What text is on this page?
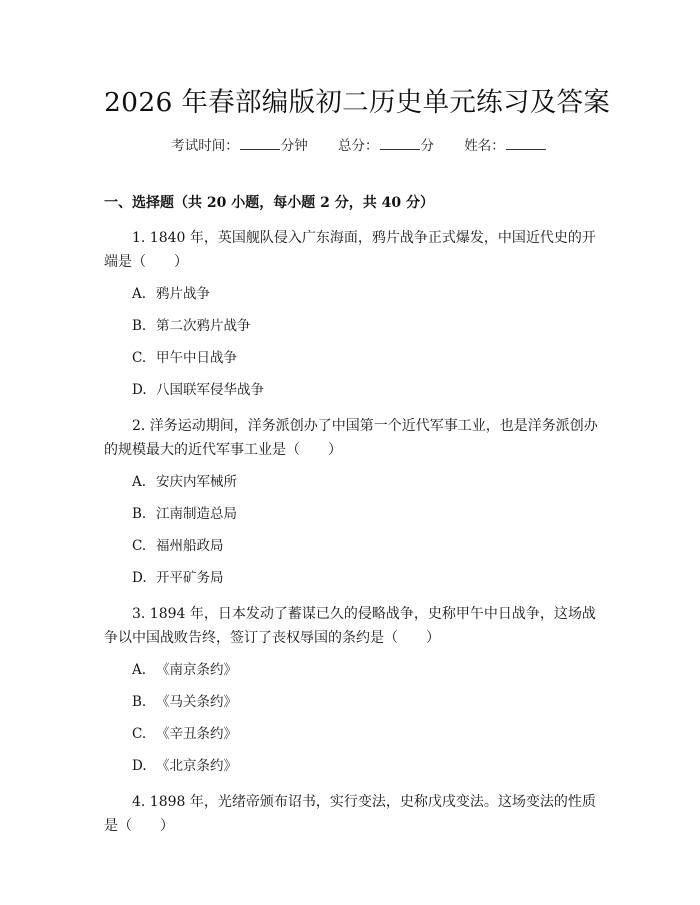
2026 年春部编版初二历史单元练习及答案
考试时间：	分钟 总分：	分 姓名：
一、选择题（共 20 小题，每小题 2 分，共 40 分）

1. 1840 年，英国舰队侵入广东海面，鸦片战争正式爆发，中国近代史的开端是（　　）

A. 鸦片战争
B. 第二次鸦片战争
C. 甲午中日战争
D. 八国联军侵华战争

2. 洋务运动期间，洋务派创办了中国第一个近代军事工业，也是洋务派创办的规模最大的近代军事工业是（　　）

A. 安庆内军械所
B. 江南制造总局
C. 福州船政局
D. 开平矿务局

3. 1894 年，日本发动了蓄谋已久的侵略战争，史称甲午中日战争，这场战争以中国战败告终，签订了丧权辱国的条约是（　　）

A. 《南京条约》
B. 《马关条约》
C. 《辛丑条约》
D. 《北京条约》

4. 1898 年，光绪帝颁布诏书，实行变法，史称戊戌变法。这场变法的性质是（　　）
